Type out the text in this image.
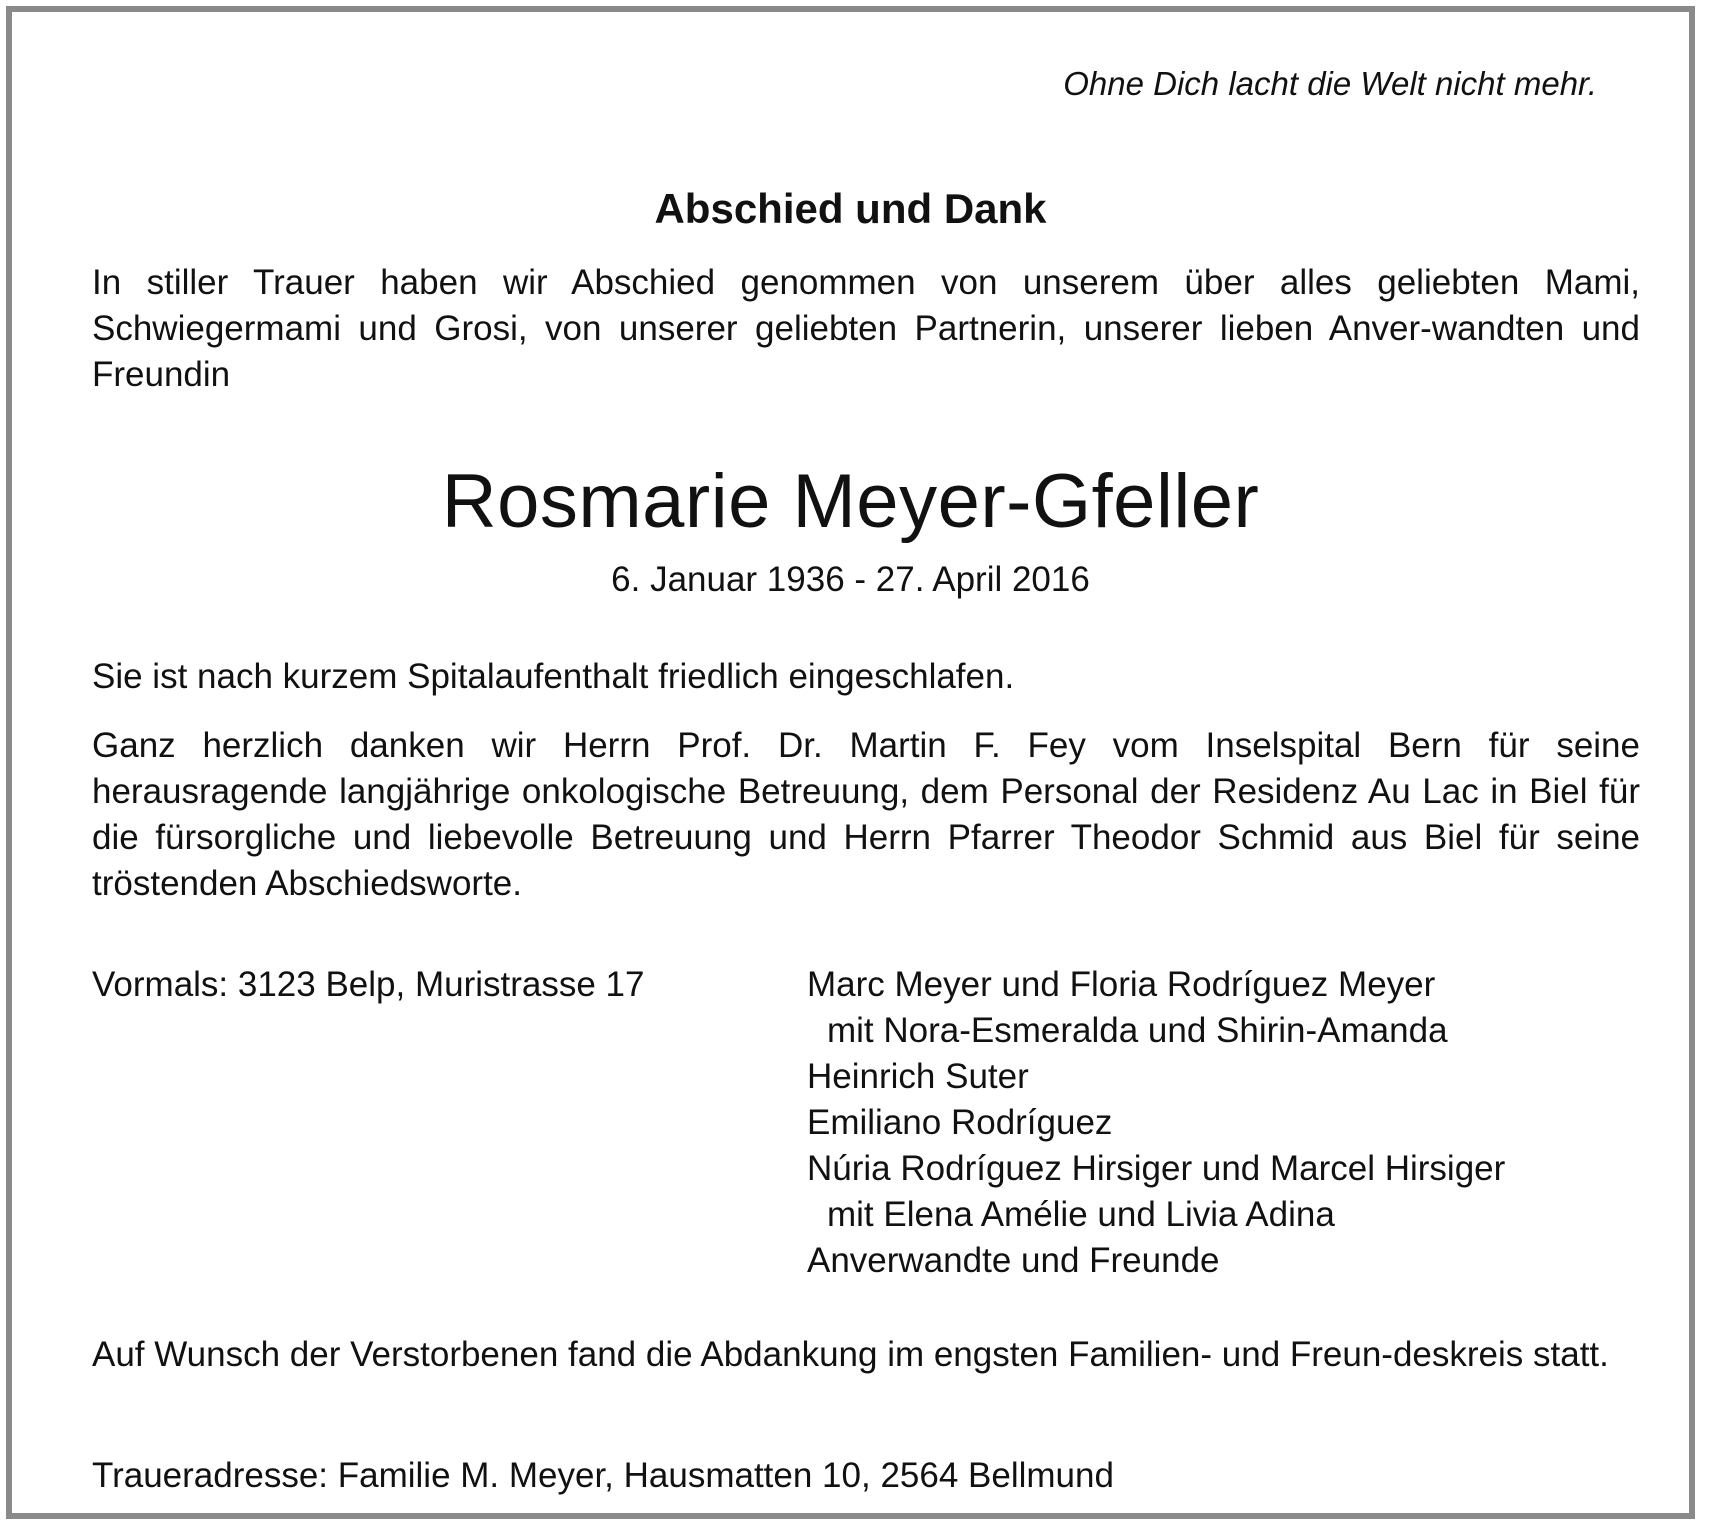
Ohne Dich lacht die Welt nicht mehr.
Abschied und Dank

In stiller Trauer haben wir Abschied genommen von unserem über alles geliebten Mami, Schwiegermami und Grosi, von unserer geliebten Partnerin, unserer lieben Anver-wandten und Freundin

Rosmarie Meyer-Gfeller
6. Januar 1936 - 27. April 2016

Sie ist nach kurzem Spitalaufenthalt friedlich eingeschlafen.

Ganz herzlich danken wir Herrn Prof. Dr. Martin F. Fey vom Inselspital Bern für seine herausragende langjährige onkologische Betreuung, dem Personal der Residenz Au Lac in Biel für die fürsorgliche und liebevolle Betreuung und Herrn Pfarrer Theodor Schmid aus Biel für seine tröstenden Abschiedsworte.

Vormals: 3123 Belp, Muristrasse 17	Marc Meyer und Floria Rodríguez Meyer
mit Nora-Esmeralda und Shirin-Amanda
Heinrich Suter
Emiliano Rodríguez
Núria Rodríguez Hirsiger und Marcel Hirsiger
mit Elena Amélie und Livia Adina
Anverwandte und Freunde

Auf Wunsch der Verstorbenen fand die Abdankung im engsten Familien- und Freun-deskreis statt.

Traueradresse: Familie M. Meyer, Hausmatten 10, 2564 Bellmund
